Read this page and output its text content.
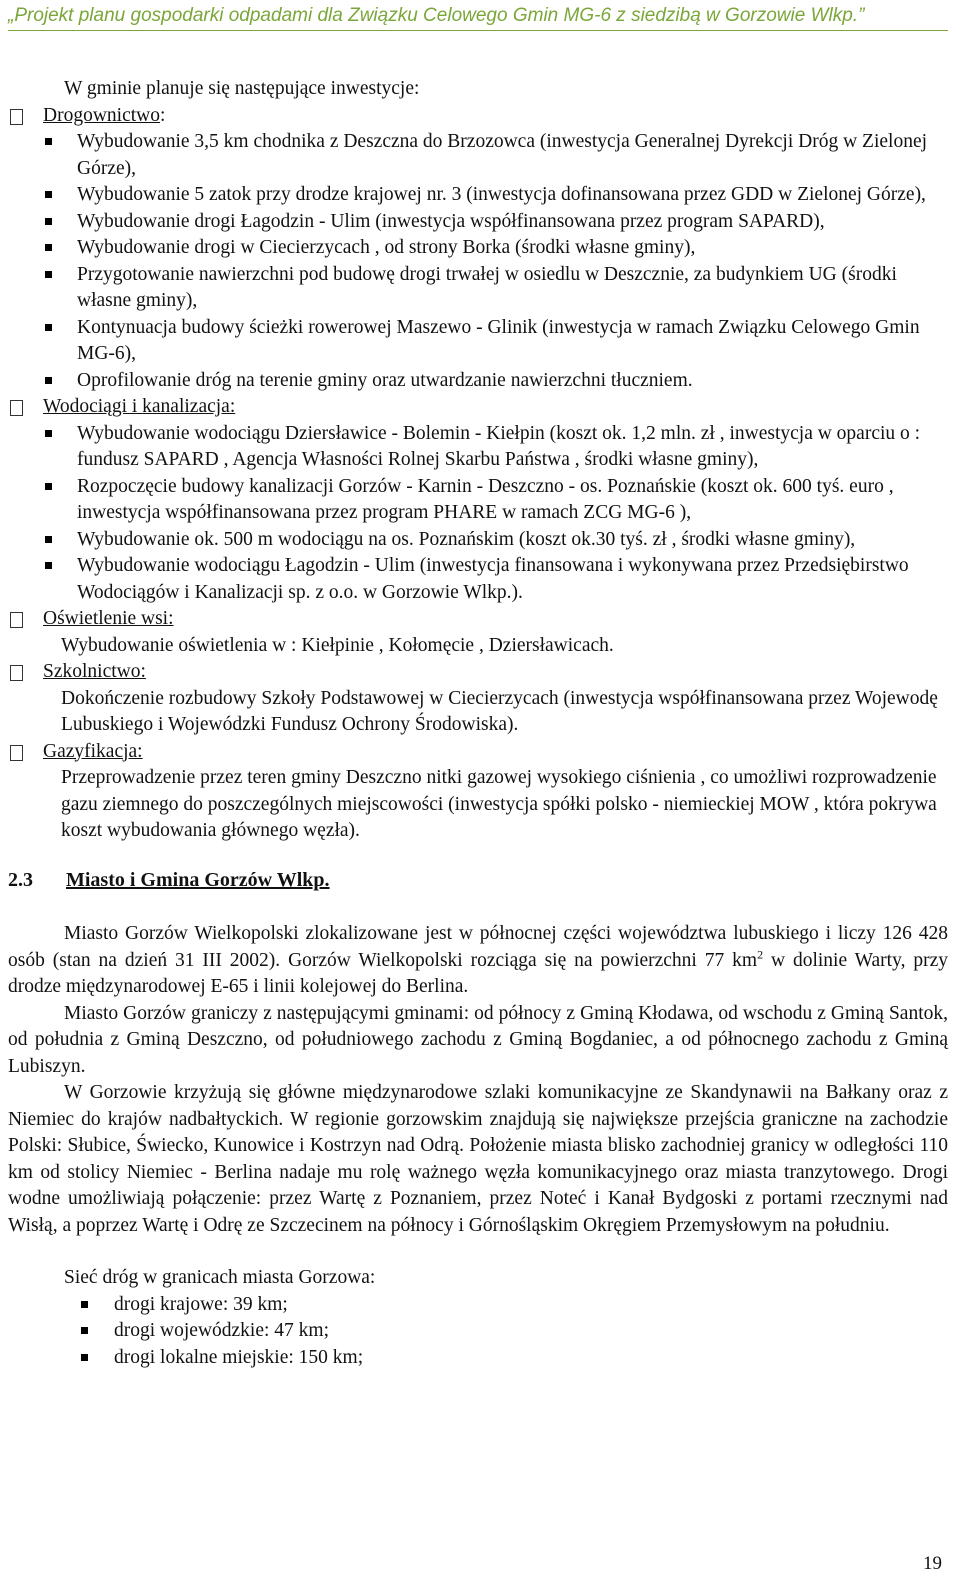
„Projekt planu gospodarki odpadami dla Związku Celowego Gmin MG-6 z siedzibą w Gorzowie Wlkp.”
W gminie planuje się następujące inwestycje:
Drogownictwo:
Wybudowanie 3,5 km chodnika z Deszczna do Brzozowca (inwestycja Generalnej Dyrekcji Dróg w Zielonej Górze),
Wybudowanie 5 zatok przy drodze krajowej nr. 3 (inwestycja dofinansowana przez GDD w Zielonej Górze),
Wybudowanie drogi Łagodzin - Ulim (inwestycja współfinansowana przez program SAPARD),
Wybudowanie drogi w Ciecierzycach , od strony Borka (środki własne gminy),
Przygotowanie nawierzchni pod budowę drogi trwałej w osiedlu w Deszcznie, za budynkiem UG (środki własne gminy),
Kontynuacja budowy ścieżki rowerowej Maszewo - Glinik (inwestycja w ramach Związku Celowego Gmin MG-6),
Oprofilowanie dróg na terenie gminy oraz utwardzanie nawierzchni tłuczniem.
Wodociągi i kanalizacja:
Wybudowanie wodociągu Dziersławice - Bolemin - Kiełpin (koszt ok. 1,2 mln. zł , inwestycja w oparciu o : fundusz SAPARD , Agencja Własności Rolnej Skarbu Państwa , środki własne gminy),
Rozpoczęcie budowy kanalizacji Gorzów - Karnin - Deszczno - os. Poznańskie (koszt ok. 600 tyś. euro , inwestycja współfinansowana przez program PHARE w ramach ZCG MG-6 ),
Wybudowanie ok. 500 m wodociągu na os. Poznańskim (koszt ok.30 tyś. zł , środki własne gminy),
Wybudowanie wodociągu Łagodzin - Ulim (inwestycja finansowana i wykonywana przez Przedsiębirstwo Wodociągów i Kanalizacji sp. z o.o. w Gorzowie Wlkp.).
Oświetlenie wsi:
Wybudowanie oświetlenia w : Kiełpinie , Kołomęcie , Dziersławicach.
Szkolnictwo:
Dokończenie rozbudowy Szkoły Podstawowej w Ciecierzycach (inwestycja współfinansowana przez Wojewodę Lubuskiego i Wojewódzki Fundusz Ochrony Środowiska).
Gazyfikacja:
Przeprowadzenie przez teren gminy Deszczno nitki gazowej wysokiego ciśnienia , co umożliwi rozprowadzenie gazu ziemnego do poszczególnych miejscowości (inwestycja spółki polsko - niemieckiej MOW , która pokrywa koszt wybudowania głównego węzła).
2.3	Miasto i Gmina Gorzów Wlkp.

Miasto Gorzów Wielkopolski zlokalizowane jest w północnej części województwa lubuskiego i liczy 126 428 osób (stan na dzień 31 III 2002). Gorzów Wielkopolski rozciąga się na powierzchni 77 $km^2$ w dolinie Warty, przy drodze międzynarodowej E-65 i linii kolejowej do Berlina.

Miasto Gorzów graniczy z następującymi gminami: od północy z Gminą Kłodawa, od wschodu z Gminą Santok, od południa z Gminą Deszczno, od południowego zachodu z Gminą Bogdaniec, a od północnego zachodu z Gminą Lubiszyn.

W Gorzowie krzyżują się główne międzynarodowe szlaki komunikacyjne ze Skandynawii na Bałkany oraz z Niemiec do krajów nadbałtyckich. W regionie gorzowskim znajdują się największe przejścia graniczne na zachodzie Polski: Słubice, Świecko, Kunowice i Kostrzyn nad Odrą. Położenie miasta blisko zachodniej granicy w odległości 110 km od stolicy Niemiec - Berlina nadaje mu rolę ważnego węzła komunikacyjnego oraz miasta tranzytowego. Drogi wodne umożliwiają połączenie: przez Wartę z Poznaniem, przez Noteć i Kanał Bydgoski z portami rzecznymi nad Wisłą, a poprzez Wartę i Odrę ze Szczecinem na północy i Górnośląskim Okręgiem Przemysłowym na południu.

Sieć dróg w granicach miasta Gorzowa:
drogi krajowe: 39 km;
drogi wojewódzkie: 47 km;
drogi lokalne miejskie: 150 km;
19
